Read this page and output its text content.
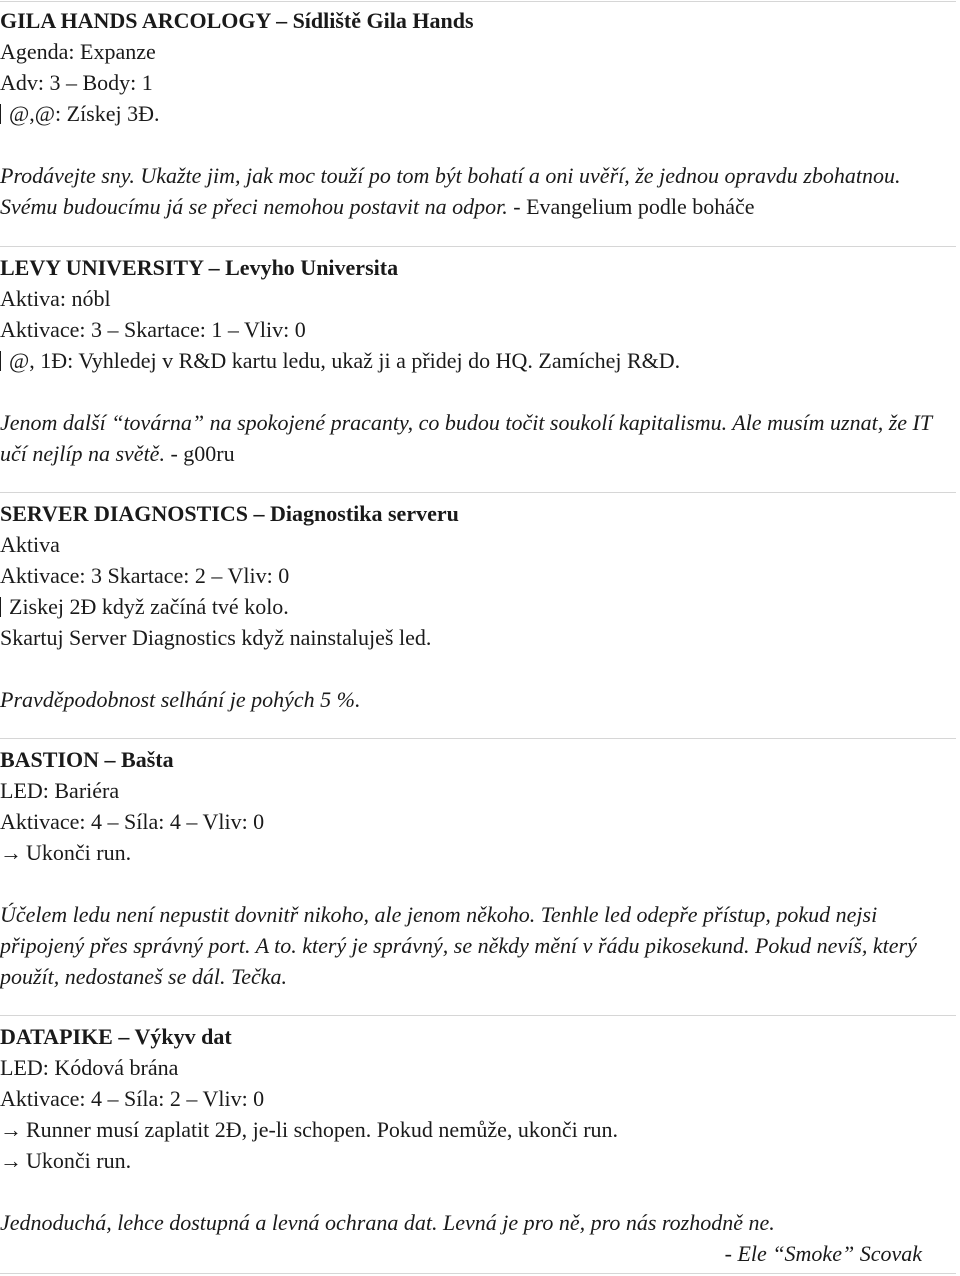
GILA HANDS ARCOLOGY – Sídliště Gila Hands
Agenda: Expanze
Adv: 3 – Body: 1
@,@: Získej 3Đ.
Prodávejte sny. Ukažte jim, jak moc touží po tom být bohatí a oni uvěří, že jednou opravdu zbohatnou. Svému budoucímu já se přeci nemohou postavit na odpor. - Evangelium podle boháče
LEVY UNIVERSITY – Levyho Universita
Aktiva: nóbl
Aktivace: 3 – Skartace: 1 – Vliv: 0
@, 1Đ: Vyhledej v R&D kartu ledu, ukaž ji a přidej do HQ. Zamíchej R&D.
Jenom další “továrna” na spokojené pracanty, co budou točit soukolí kapitalismu. Ale musím uznat, že IT učí nejlíp na světě. - g00ru
SERVER DIAGNOSTICS – Diagnostika serveru
Aktiva
Aktivace: 3 Skartace: 2 – Vliv: 0
Ziskej 2Đ když začíná tvé kolo.
Skartuj Server Diagnostics když nainstaluješ led.
Pravděpodobnost selhání je pohých 5 %.
BASTION – Bašta
LED: Bariéra
Aktivace: 4 – Síla: 4 – Vliv: 0
→ Ukonči run.
Účelem ledu není nepustit dovnitř nikoho, ale jenom někoho. Tenhle led odepře přístup, pokud nejsi připojený přes správný port. A to. který je správný, se někdy mění v řádu pikosekund. Pokud nevíš, který použít, nedostaneš se dál. Tečka.
DATAPIKE – Výkyv dat
LED: Kódová brána
Aktivace: 4 – Síla: 2 – Vliv: 0
→ Runner musí zaplatit 2Đ, je-li schopen. Pokud nemůže, ukonči run.
→ Ukonči run.
Jednoduchá, lehce dostupná a levná ochrana dat. Levná je pro ně, pro nás rozhodně ne.
- Ele “Smoke” Scovak
